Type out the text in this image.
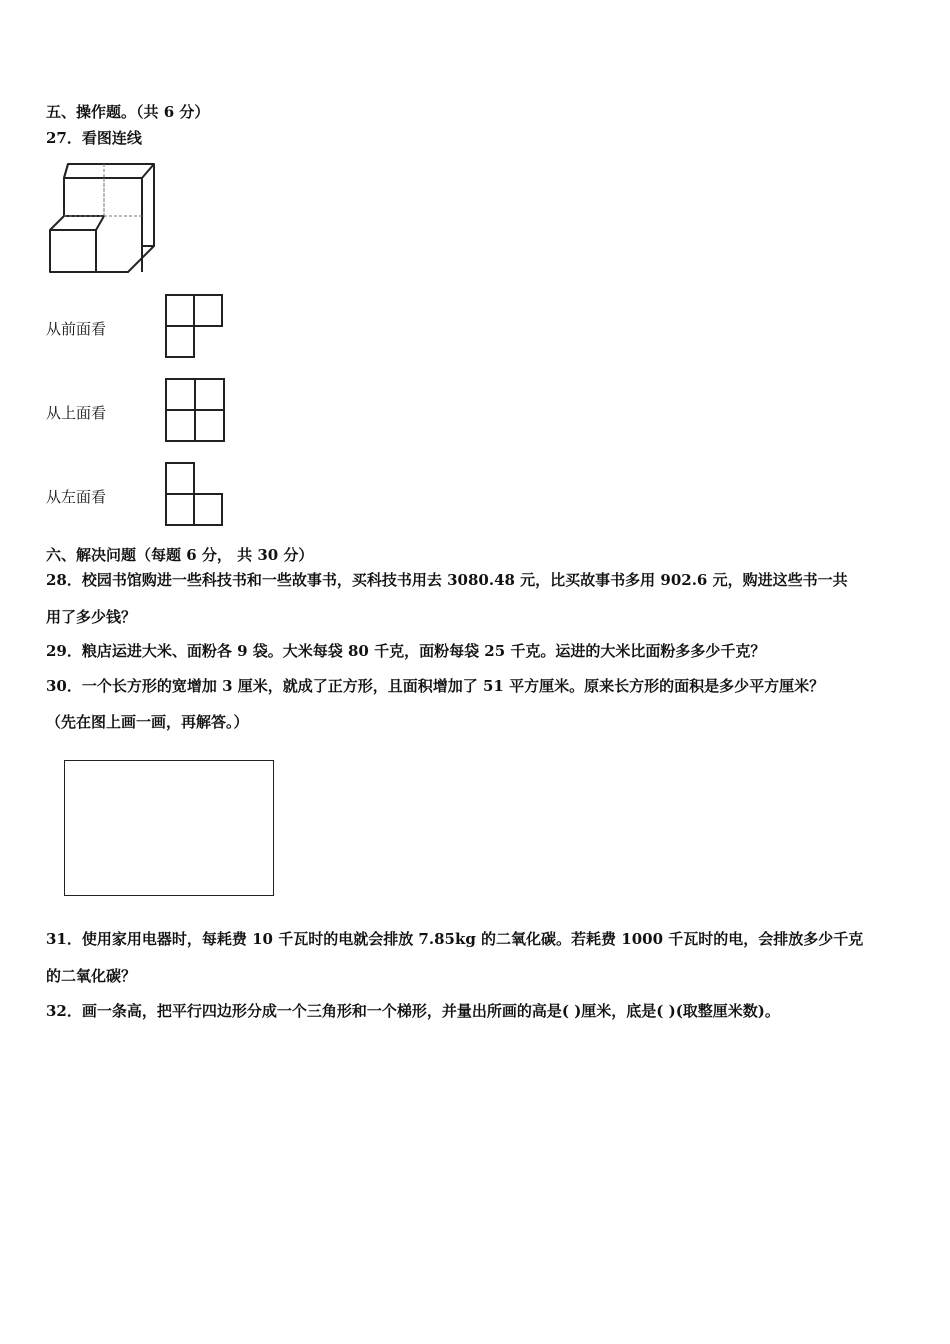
五、操作题。（共 6 分）
27．看图连线
从前面看
从上面看
从左面看
六、解决问题（每题 6 分， 共 30 分）
28．校园书馆购进一些科技书和一些故事书，买科技书用去 3080.48 元，比买故事书多用 902.6 元，购进这些书一共
用了多少钱？
29．粮店运进大米、面粉各 9 袋。大米每袋 80 千克，面粉每袋 25 千克。运进的大米比面粉多多少千克？
30．一个长方形的宽增加 3 厘米，就成了正方形，且面积增加了 51 平方厘米。原来长方形的面积是多少平方厘米？
（先在图上画一画，再解答。）
31．使用家用电器时，每耗费 10 千瓦时的电就会排放 7.85kg 的二氧化碳。若耗费 1000 千瓦时的电，会排放多少千克
的二氧化碳？
32．画一条高，把平行四边形分成一个三角形和一个梯形，并量出所画的高是( )厘米，底是( )(取整厘米数)。
